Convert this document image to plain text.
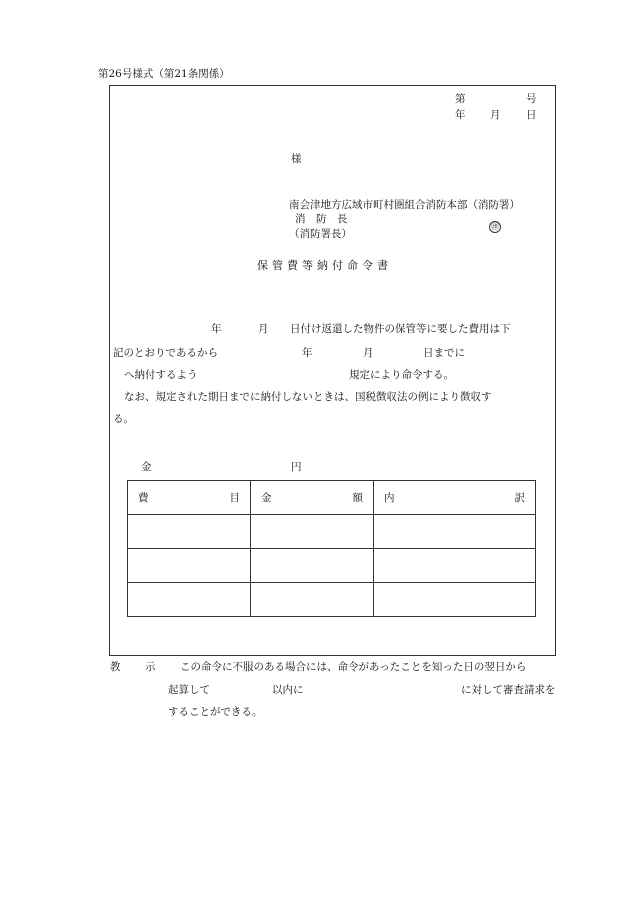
第26号様式（第21条関係）
第	号
年 月 日
様
南会津地方広域市町村圏組合消防本部（消防署）
消　防　長
（消防署長）
㊞
保管費等納付命令書
年	月 日付け返還した物件の保管等に要した費用は下
記のとおりであるから	年	月	日までに
へ納付するよう	規定により命令する。
なお、規定された期日までに納付しないときは、国税徴収法の例により徴収す
る。
金	円
費 目	金 額	内 訳

教 示 この命令に不服のある場合には、命令があったことを知った日の翌日から
起算して	以内に	に対して審査請求を
することができる。
